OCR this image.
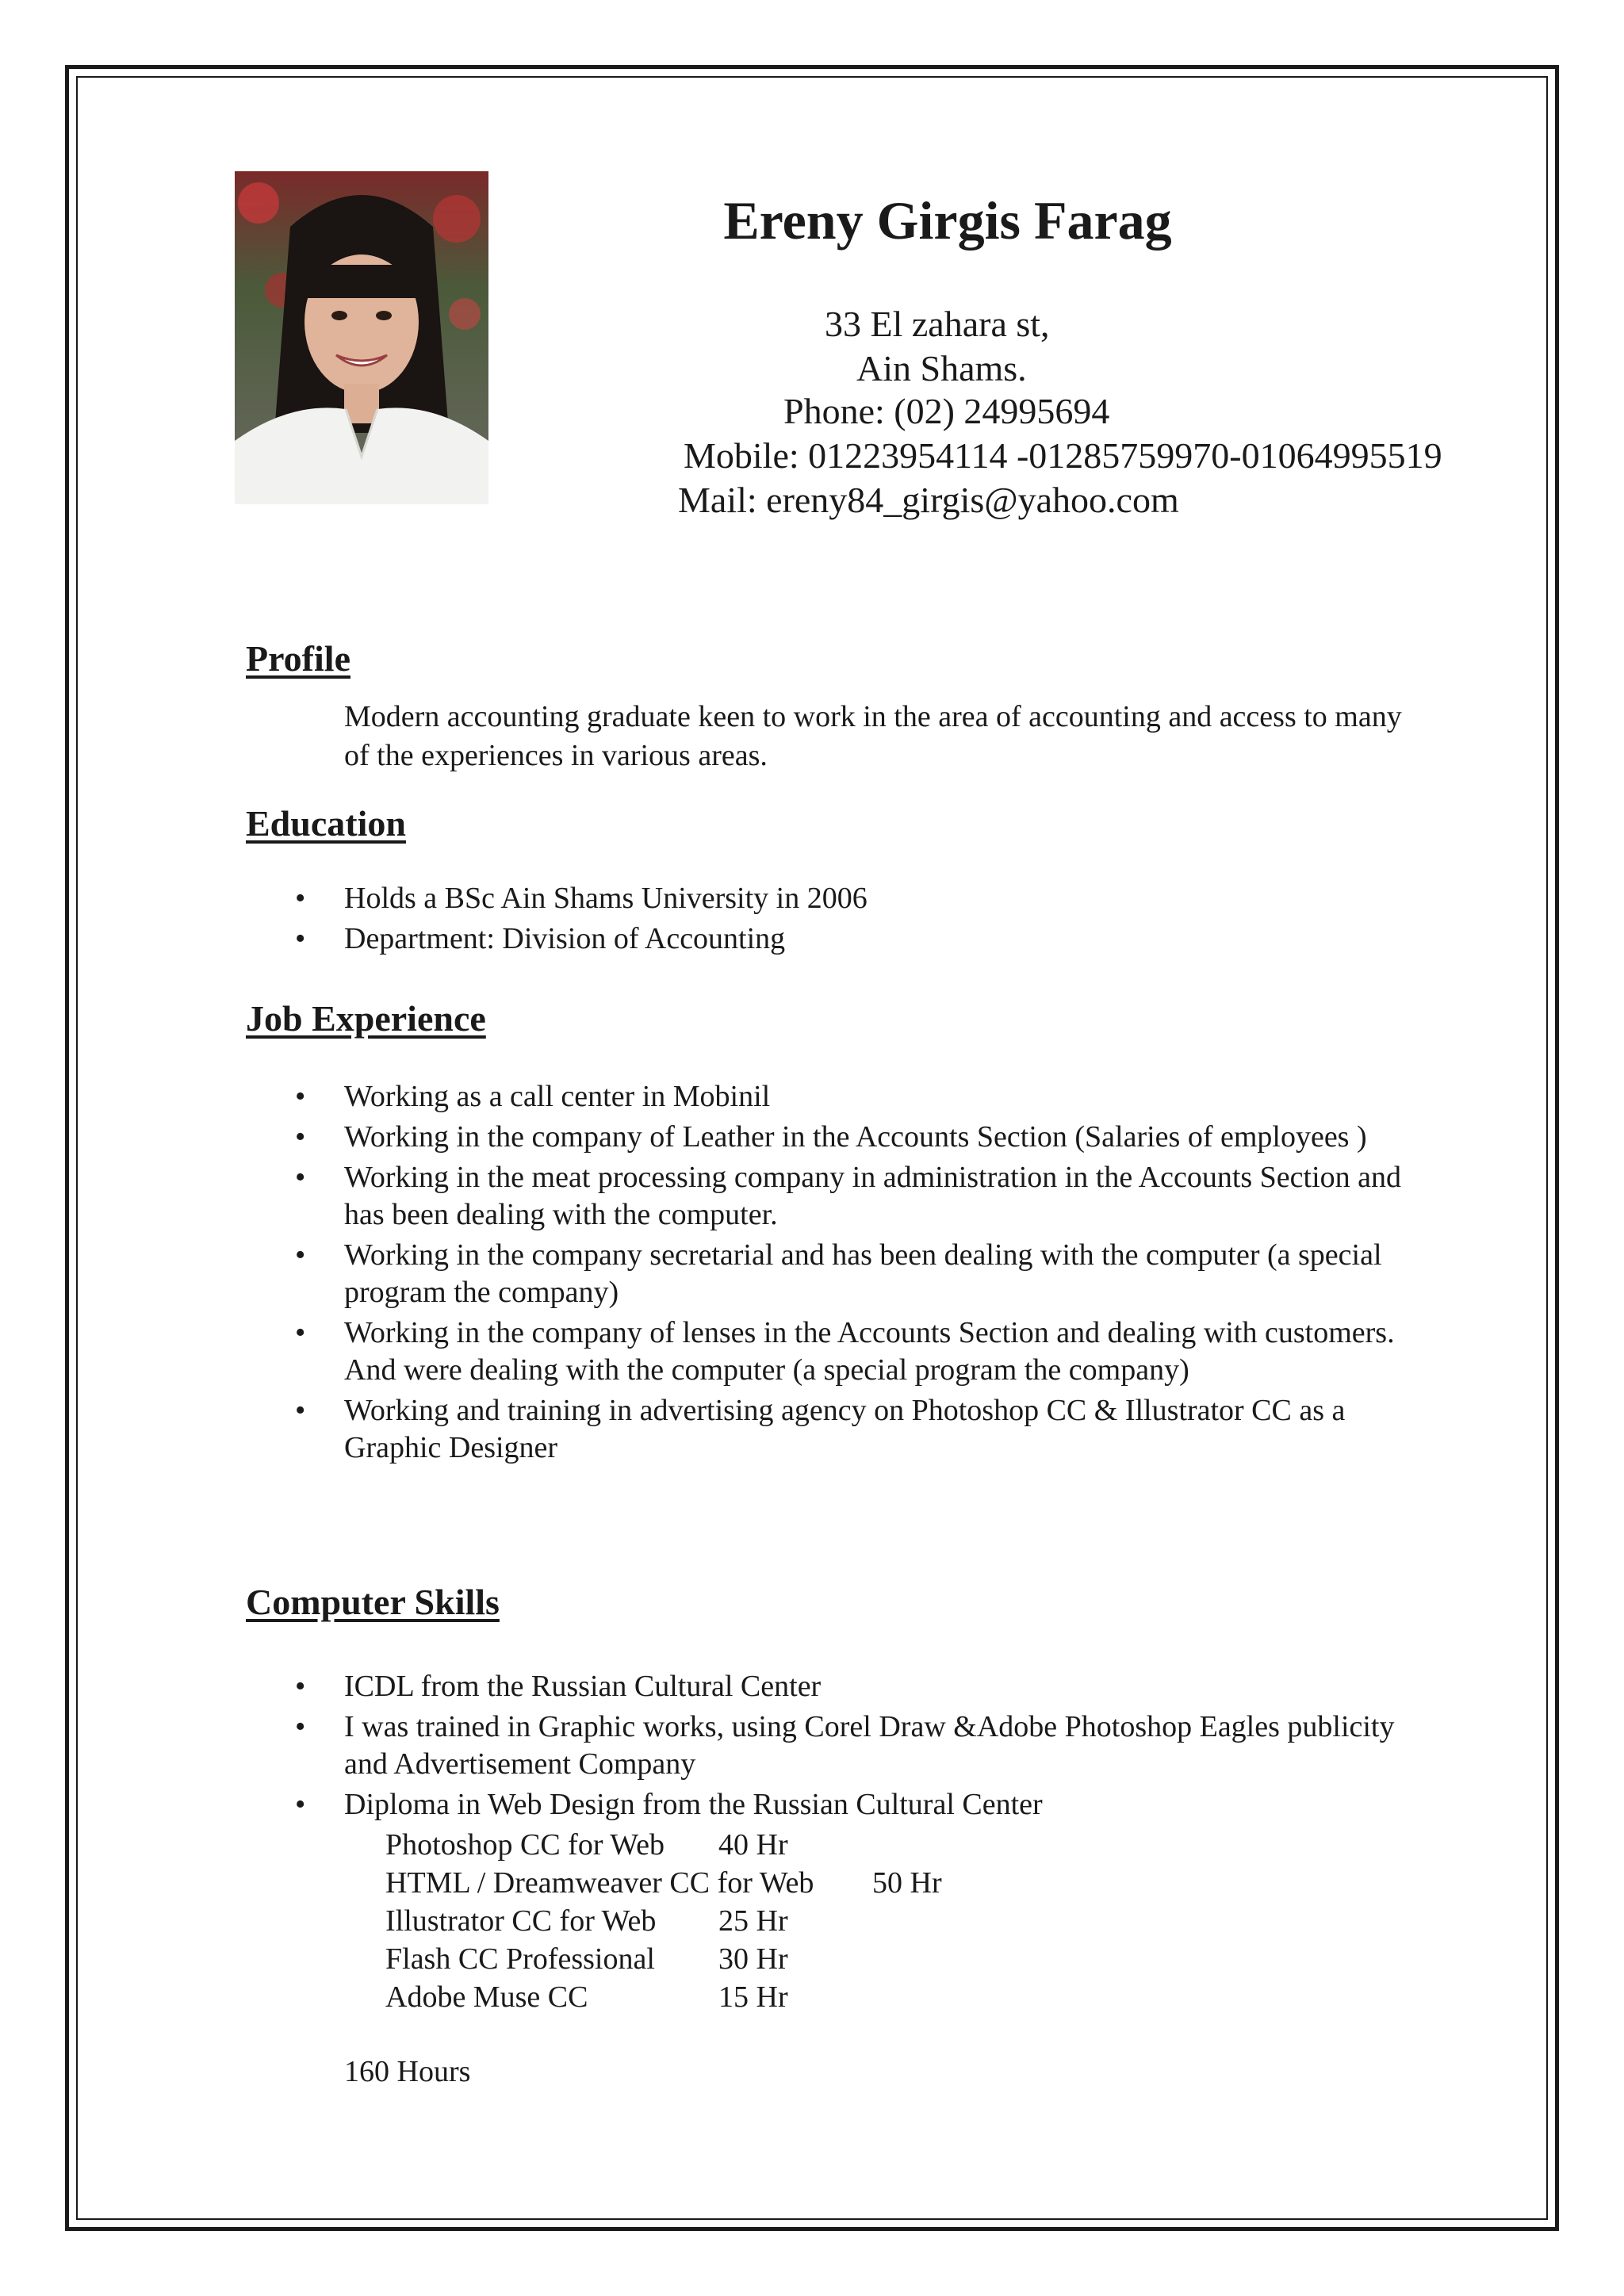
Ereny Girgis Farag
33 El zahara st,
Ain Shams.
Phone: (02) 24995694
Mobile: 01223954114 -01285759970-01064995519
Mail: ereny84_girgis@yahoo.com
Profile
Modern accounting graduate keen to work in the area of accounting and access to many of the experiences in various areas.
Education
• Holds a BSc Ain Shams University in 2006
• Department: Division of Accounting
Job Experience
• Working as a call center in Mobinil
• Working in the company of Leather in the Accounts Section (Salaries of employees )
• Working in the meat processing company in administration in the Accounts Section and has been dealing with the computer.
• Working in the company secretarial and has been dealing with the computer (a special program the company)
• Working in the company of lenses in the Accounts Section and dealing with customers. And were dealing with the computer (a special program the company)
• Working and training in advertising agency on Photoshop CC & Illustrator CC as a Graphic Designer
Computer Skills
• ICDL from the Russian Cultural Center
• I was trained in Graphic works, using Corel Draw &Adobe Photoshop Eagles publicity and Advertisement Company
• Diploma in Web Design from the Russian Cultural Center
Photoshop CC for Web 40 Hr
HTML / Dreamweaver CC for Web 50 Hr
Illustrator CC for Web 25 Hr
Flash CC Professional 30 Hr
Adobe Muse CC	15 Hr
160 Hours
